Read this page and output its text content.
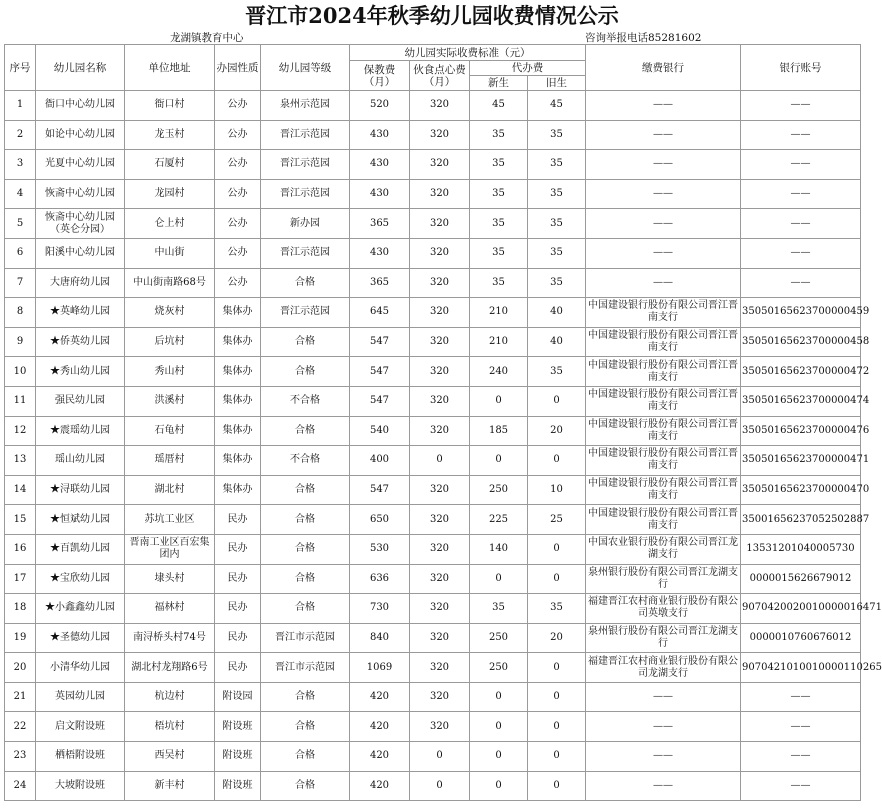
晋江市2024年秋季幼儿园收费情况公示
龙湖镇教育中心	咨询举报电话85281602
序号	幼儿园名称	单位地址	办园性质	幼儿园等级	幼儿园实际收费标准（元）				缴费银行	银行账号
					保教费（月）	伙食点心费（月）	代办费			
							新生	旧生		
1	衙口中心幼儿园	衙口村	公办	泉州示范园	520	320	45	45	——	——
2	如论中心幼儿园	龙玉村	公办	晋江示范园	430	320	35	35	——	——
3	光夏中心幼儿园	石厦村	公办	晋江示范园	430	320	35	35	——	——
4	恢斋中心幼儿园	龙园村	公办	晋江示范园	430	320	35	35	——	——
5	恢斋中心幼儿园（英仑分园）	仑上村	公办	新办园	365	320	35	35	——	——
6	阳溪中心幼儿园	中山街	公办	晋江示范园	430	320	35	35	——	——
7	大唐府幼儿园	中山街南路68号	公办	合格	365	320	35	35	——	——
8	★英峰幼儿园	烧灰村	集体办	晋江示范园	645	320	210	40	中国建设银行股份有限公司晋江晋南支行	35050165623700000459
9	★侨英幼儿园	后坑村	集体办	合格	547	320	210	40	中国建设银行股份有限公司晋江晋南支行	35050165623700000458
10	★秀山幼儿园	秀山村	集体办	合格	547	320	240	35	中国建设银行股份有限公司晋江晋南支行	35050165623700000472
11	强民幼儿园	洪溪村	集体办	不合格	547	320	0	0	中国建设银行股份有限公司晋江晋南支行	35050165623700000474
12	★震瑶幼儿园	石龟村	集体办	合格	540	320	185	20	中国建设银行股份有限公司晋江晋南支行	35050165623700000476
13	瑶山幼儿园	瑶厝村	集体办	不合格	400	0	0	0	中国建设银行股份有限公司晋江晋南支行	35050165623700000471
14	★浔联幼儿园	湖北村	集体办	合格	547	320	250	10	中国建设银行股份有限公司晋江晋南支行	35050165623700000470
15	★恒斌幼儿园	苏坑工业区	民办	合格	650	320	225	25	中国建设银行股份有限公司晋江晋南支行	35001656237052502887
16	★百凯幼儿园	晋南工业区百宏集团内	民办	合格	530	320	140	0	中国农业银行股份有限公司晋江龙湖支行	13531201040005730
17	★宝欣幼儿园	埭头村	民办	合格	636	320	0	0	泉州银行股份有限公司晋江龙湖支行	0000015626679012
18	★小鑫鑫幼儿园	福林村	民办	合格	730	320	35	35	福建晋江农村商业银行股份有限公司英墩支行	9070420020010000016471
19	★圣德幼儿园	南浔桥头村74号	民办	晋江市示范园	840	320	250	20	泉州银行股份有限公司晋江龙湖支行	0000010760676012
20	小清华幼儿园	湖北村龙翔路6号	民办	晋江市示范园	1069	320	250	0	福建晋江农村商业银行股份有限公司龙湖支行	9070421010010000110265
21	英园幼儿园	杭边村	附设园	合格	420	320	0	0	——	——
22	启文附设班	梧坑村	附设班	合格	420	320	0	0	——	——
23	栖梧附设班	西吴村	附设班	合格	420	0	0	0	——	——
24	大坡附设班	新丰村	附设班	合格	420	0	0	0	——	——
